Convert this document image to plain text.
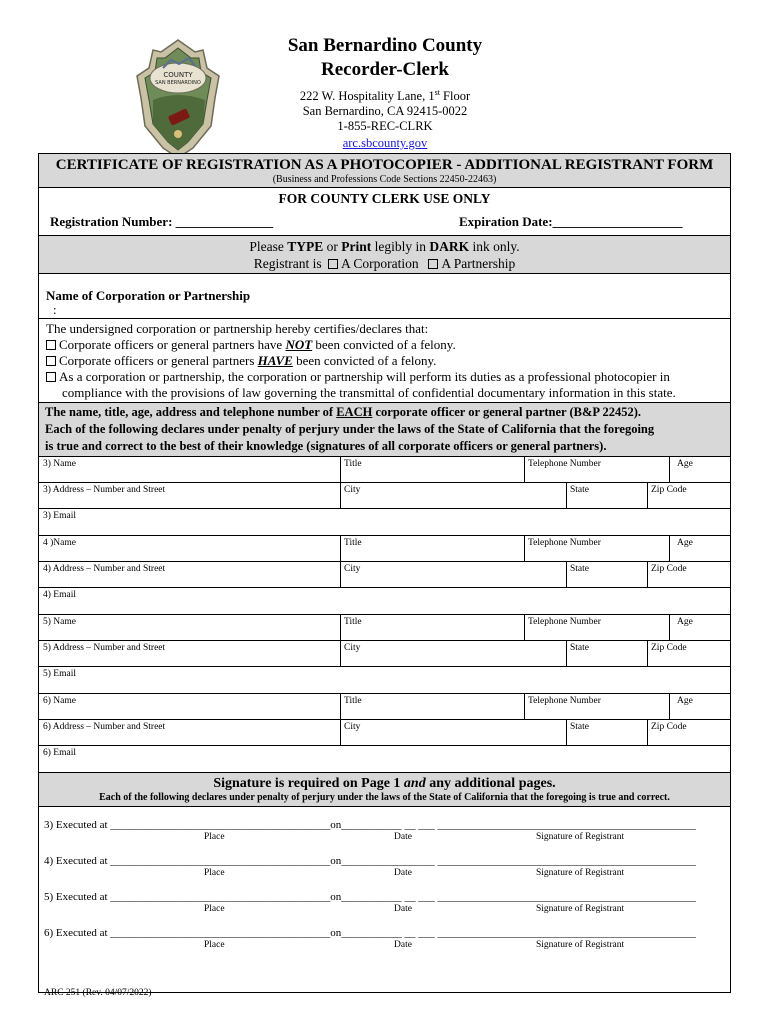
COUNTY
SAN BERNARDINO
San Bernardino County
Recorder-Clerk
222 W. Hospitality Lane, 1st Floor
San Bernardino, CA 92415-0022
1-855-REC-CLRK
arc.sbcounty.gov
CERTIFICATE OF REGISTRATION AS A PHOTOCOPIER - ADDITIONAL REGISTRANT FORM
(Business and Professions Code Sections 22450-22463)
FOR COUNTY CLERK USE ONLY
Registration Number: _______________	Expiration Date:____________________
Please TYPE or Print legibly in DARK ink only.
Registrant is A Corporation A Partnership
Name of Corporation or Partnership
:
The undersigned corporation or partnership hereby certifies/declares that:
Corporate officers or general partners have NOT been convicted of a felony.
Corporate officers or general partners HAVE been convicted of a felony.
As a corporation or partnership, the corporation or partnership will perform its duties as a professional photocopier in
compliance with the provisions of law governing the transmittal of confidential documentary information in this state.
The name, title, age, address and telephone number of EACH corporate officer or general partner (B&P 22452).
Each of the following declares under penalty of perjury under the laws of the State of California that the foregoing
is true and correct to the best of their knowledge (signatures of all corporate officers or general partners).
3) Name	Title	Telephone Number	Age
3) Address – Number and Street	City	State	Zip Code
3) Email
4 )Name	Title	Telephone Number	Age
4) Address – Number and Street	City	State	Zip Code
4) Email
5) Name	Title	Telephone Number	Age
5) Address – Number and Street	City	State	Zip Code
5) Email
6) Name	Title	Telephone Number	Age
6) Address – Number and Street	City	State	Zip Code
6) Email
Signature is required on Page 1 and any additional pages.
Each of the following declares under penalty of perjury under the laws of the State of California that the foregoing is true and correct.
3) Executed at ________________________________________on___________ __ ___ _______________________________________________
Place	Date	Signature of Registrant
4) Executed at ________________________________________on_________________ _______________________________________________
Place	Date	Signature of Registrant
5) Executed at ________________________________________on___________ __ ___ _______________________________________________
Place	Date	Signature of Registrant
6) Executed at ________________________________________on___________ __ ___ _______________________________________________
Place	Date	Signature of Registrant
ARC 251 (Rev. 04/07/2022)
